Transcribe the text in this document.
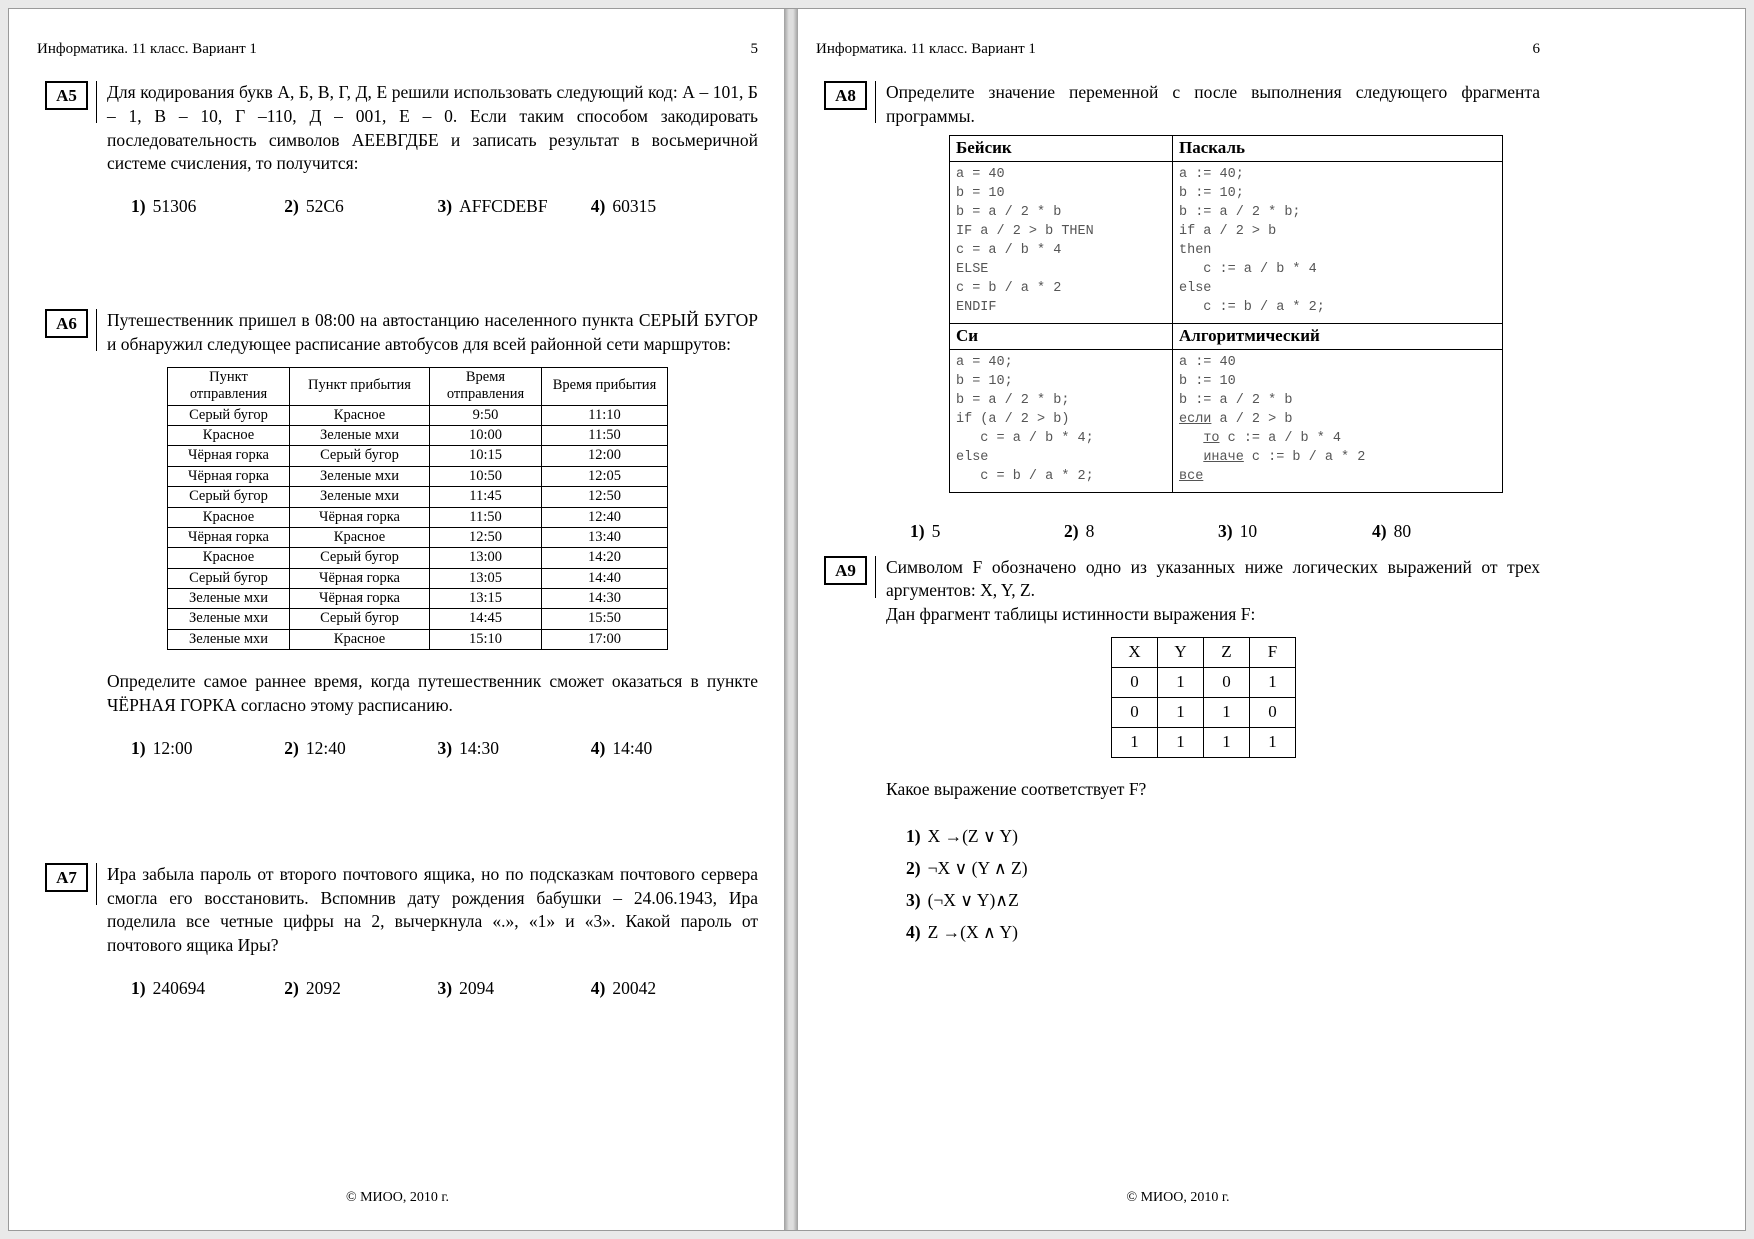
Информатика. 11 класс. Вариант 1	5
А5	Для кодирования букв А, Б, В, Г, Д, Е решили использовать следующий код: А – 101, Б – 1, В – 10, Г –110, Д – 001, Е – 0. Если таким способом закодировать последовательность символов АЕЕВГДБЕ и записать результат в восьмеричной системе счисления, то получится:

1) 51306	2) 52C6	3) AFFCDEBF	4) 60315
А6	Путешественник пришел в 08:00 на автостанцию населенного пункта СЕРЫЙ БУГОР и обнаружил следующее расписание автобусов для всей районной сети маршрутов:

Пункт отправления	Пункт прибытия	Время отправления	Время прибытия
Серый бугор	Красное	9:50	11:10
Красное	Зеленые мхи	10:00	11:50
Чёрная горка	Серый бугор	10:15	12:00
Чёрная горка	Зеленые мхи	10:50	12:05
Серый бугор	Зеленые мхи	11:45	12:50
Красное	Чёрная горка	11:50	12:40
Чёрная горка	Красное	12:50	13:40
Красное	Серый бугор	13:00	14:20
Серый бугор	Чёрная горка	13:05	14:40
Зеленые мхи	Чёрная горка	13:15	14:30
Зеленые мхи	Серый бугор	14:45	15:50
Зеленые мхи	Красное	15:10	17:00

Определите самое раннее время, когда путешественник сможет оказаться в пункте ЧЁРНАЯ ГОРКА согласно этому расписанию.

1) 12:00	2) 12:40	3) 14:30	4) 14:40
А7	Ира забыла пароль от второго почтового ящика, но по подсказкам почтового сервера смогла его восстановить. Вспомнив дату рождения бабушки – 24.06.1943, Ира поделила все четные цифры на 2, вычеркнула «.», «1» и «3». Какой пароль от почтового ящика Иры?

1) 240694	2) 2092	3) 2094	4) 20042
© МИОО, 2010 г.
Информатика. 11 класс. Вариант 1	6
А8	Определите значение переменной c после выполнения следующего фрагмента программы.

Бейсик	Паскаль

a = 40
b = 10
b = a / 2 * b
IF a / 2 > b THEN
c = a / b * 4
ELSE
c = b / a * 2
ENDIF

a := 40;
b := 10;
b := a / 2 * b;
if a / 2 > b
then
c := a / b * 4
else
c := b / a * 2;

Си	Алгоритмический

a = 40;
b = 10;
b = a / 2 * b;
if (a / 2 > b)
c = a / b * 4;
else
c = b / a * 2;

a := 40
b := 10
b := a / 2 * b
если a / 2 > b
то c := a / b * 4
иначе c := b / a * 2
все
1) 5	2) 8	3) 10	4) 80
А9	Символом F обозначено одно из указанных ниже логических выражений от трех аргументов: X, Y, Z.

Дан фрагмент таблицы истинности выражения F:

X	Y	Z	F
0	1	0	1
0	1	1	0
1	1	1	1

Какое выражение соответствует F?

1) X →(Z ∨ Y)
2) ¬X ∨ (Y ∧ Z)
3) (¬X ∨ Y)∧Z
4) Z →(X ∧ Y)
© МИОО, 2010 г.
